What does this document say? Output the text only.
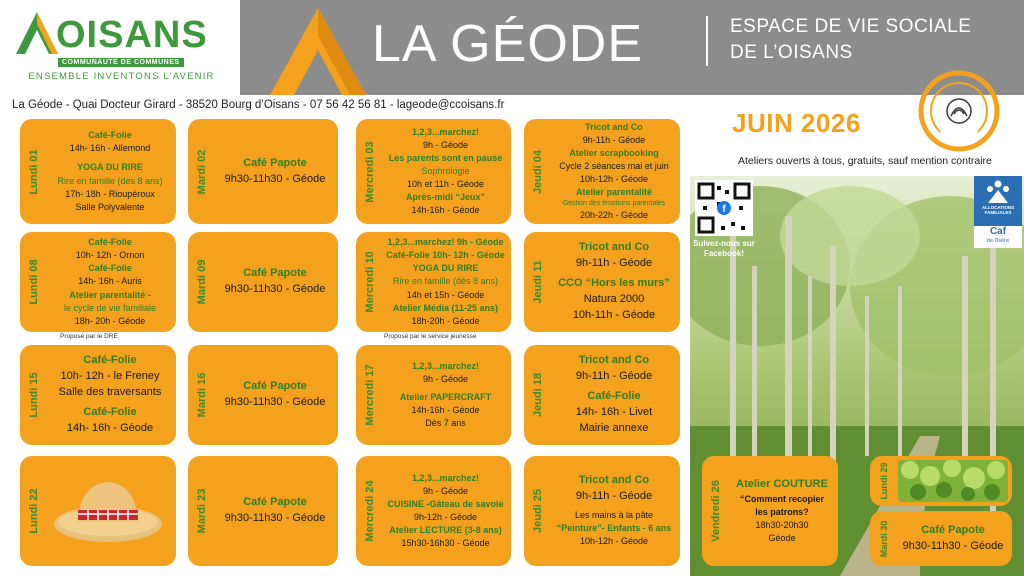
OISANS
COMMUNAUTÉ DE COMMUNES
ENSEMBLE INVENTONS L’AVENIR
LA GÉODE	ESPACE DE VIE SOCIALE
DE L’OISANS
La Géode - Quai Docteur Girard - 38520 Bourg d’Oisans - 07 56 42 56 81 - lageode@ccoisans.fr
Lundi 01
Café-Folie
14h- 16h - Allemond
YOGA DU RIRE
Rire en famille (dès 8 ans)
17h- 18h - Rioupéroux
Salle Polyvalente
Mardi 02	Café Papote
9h30-11h30 - Géode	Mercredi 03
1,2,3...marchez!
9h - Géode
Les parents sont en pause
Sophrologie
10h et 11h - Géode
Après-midi “Jeux”
14h-16h - Géode
Jeudi 04
Tricot and Co
9h-11h - Géode
Atelier scrapbooking
Cycle 2 séances mai et juin
10h-12h - Géode
Atelier parentalité
Gestion des émotions parentales
20h-22h - Géode
Lundi 08
Café-Folie
10h- 12h - Ornon
Café-Folie
14h- 16h - Auris
Atelier parentalité -
le cycle de vie familiale
18h- 20h - Géode
Proposé par le DRE
Mardi 09	Café Papote
9h30-11h30 - Géode	Mercredi 10
1,2,3...marchez! 9h - Géode
Café-Folie 10h- 12h - Géode
YOGA DU RIRE
Rire en famille (dès 8 ans)
14h et 15h - Géode
Atelier Média (11-25 ans)
18h-20h - Géode
Proposé par le service jeunesse
Jeudi 11
Tricot and Co
9h-11h - Géode
CCO “Hors les murs”
Natura 2000
10h-11h - Géode
Lundi 15
Café-Folie
10h- 12h - le Freney
Salle des traversants
Café-Folie
14h- 16h - Géode
Mardi 16	Café Papote
9h30-11h30 - Géode	Mercredi 17	1,2,3...marchez!
9h - Géode
Atelier PAPERCRAFT
14h-16h - Géode
Dès 7 ans
Jeudi 18
Tricot and Co
9h-11h - Géode
Café-Folie
14h- 16h - Livet
Mairie annexe
Lundi 22	Mardi 23	Café Papote
9h30-11h30 - Géode	Mercredi 24
1,2,3...marchez!
9h - Géode
CUISINE -Gâteau de savoie
9h-12h - Géode
Atelier LECTURE (3-8 ans)
15h30-16h30 - Géode
Jeudi 25
Tricot and Co
9h-11h - Géode
Les mains à la pâte
“Peinture”- Enfants - 6 ans
10h-12h - Géode
JUIN 2026
Ateliers ouverts à tous, gratuits, sauf mention contraire
f
Suivez-nous sur Facebook!
ALLOCATIONS FAMILIALES
Caf
de l'Isère
Vendredi 26 Atelier COUTURE
“Comment recopier
les patrons?
18h30-20h30
Géode
Lundi 29
Mardi 30	Café Papote
9h30-11h30 - Géode
